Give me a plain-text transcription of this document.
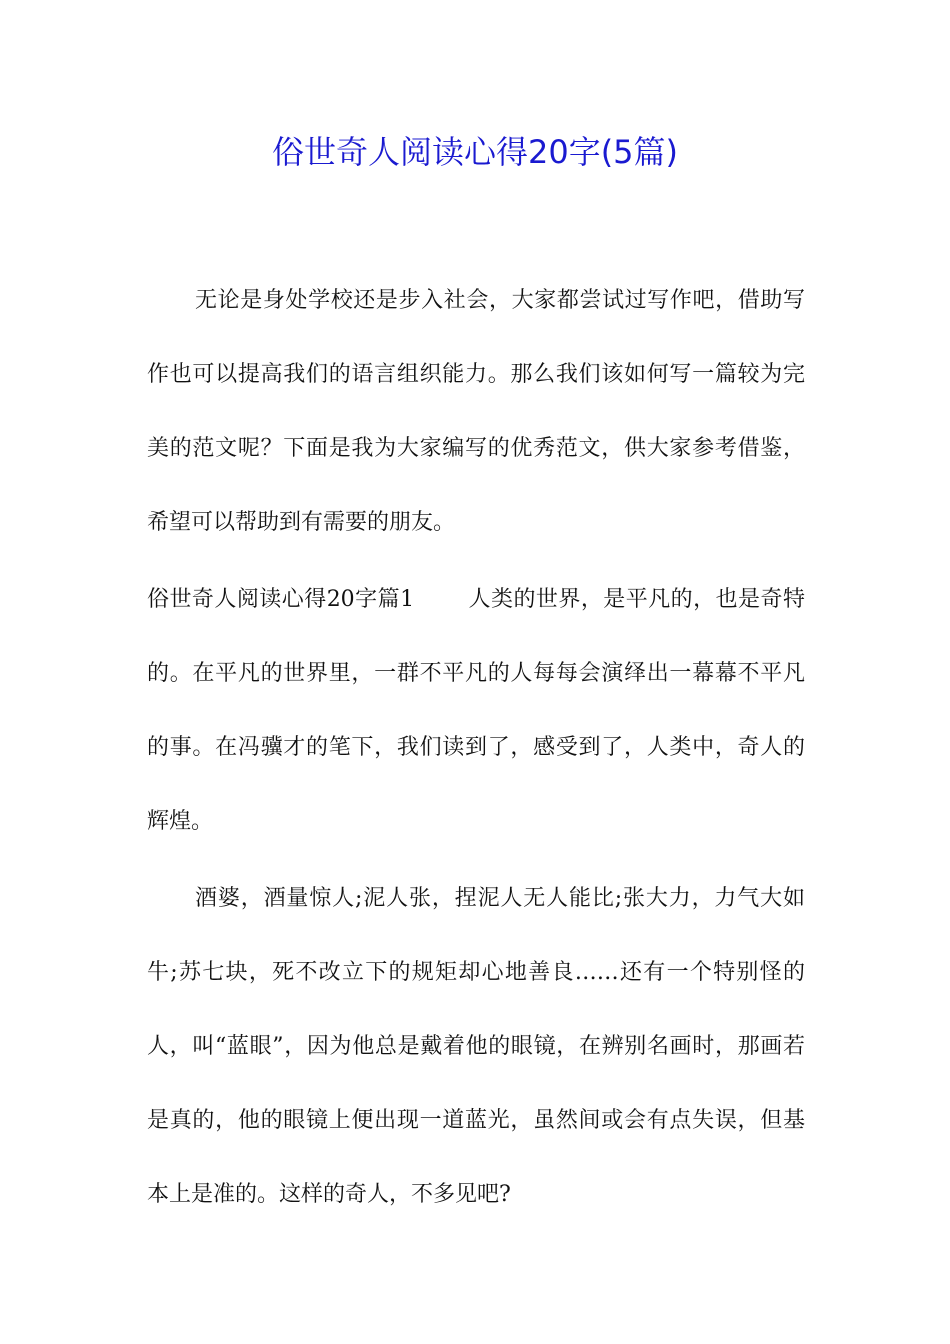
俗世奇人阅读心得20字(5篇)
无论是身处学校还是步入社会，大家都尝试过写作吧，借助写作也可以提高我们的语言组织能力。那么我们该如何写一篇较为完美的范文呢？下面是我为大家编写的优秀范文，供大家参考借鉴，希望可以帮助到有需要的朋友。
俗世奇人阅读心得20字篇1 人类的世界，是平凡的，也是奇特的。在平凡的世界里，一群不平凡的人每每会演绎出一幕幕不平凡的事。在冯骥才的笔下，我们读到了，感受到了，人类中，奇人的辉煌。
酒婆，酒量惊人;泥人张，捏泥人无人能比;张大力，力气大如牛;苏七块，死不改立下的规矩却心地善良……还有一个特别怪的人，叫“蓝眼”，因为他总是戴着他的眼镜，在辨别名画时，那画若是真的，他的眼镜上便出现一道蓝光，虽然间或会有点失误，但基本上是准的。这样的奇人，不多见吧?
